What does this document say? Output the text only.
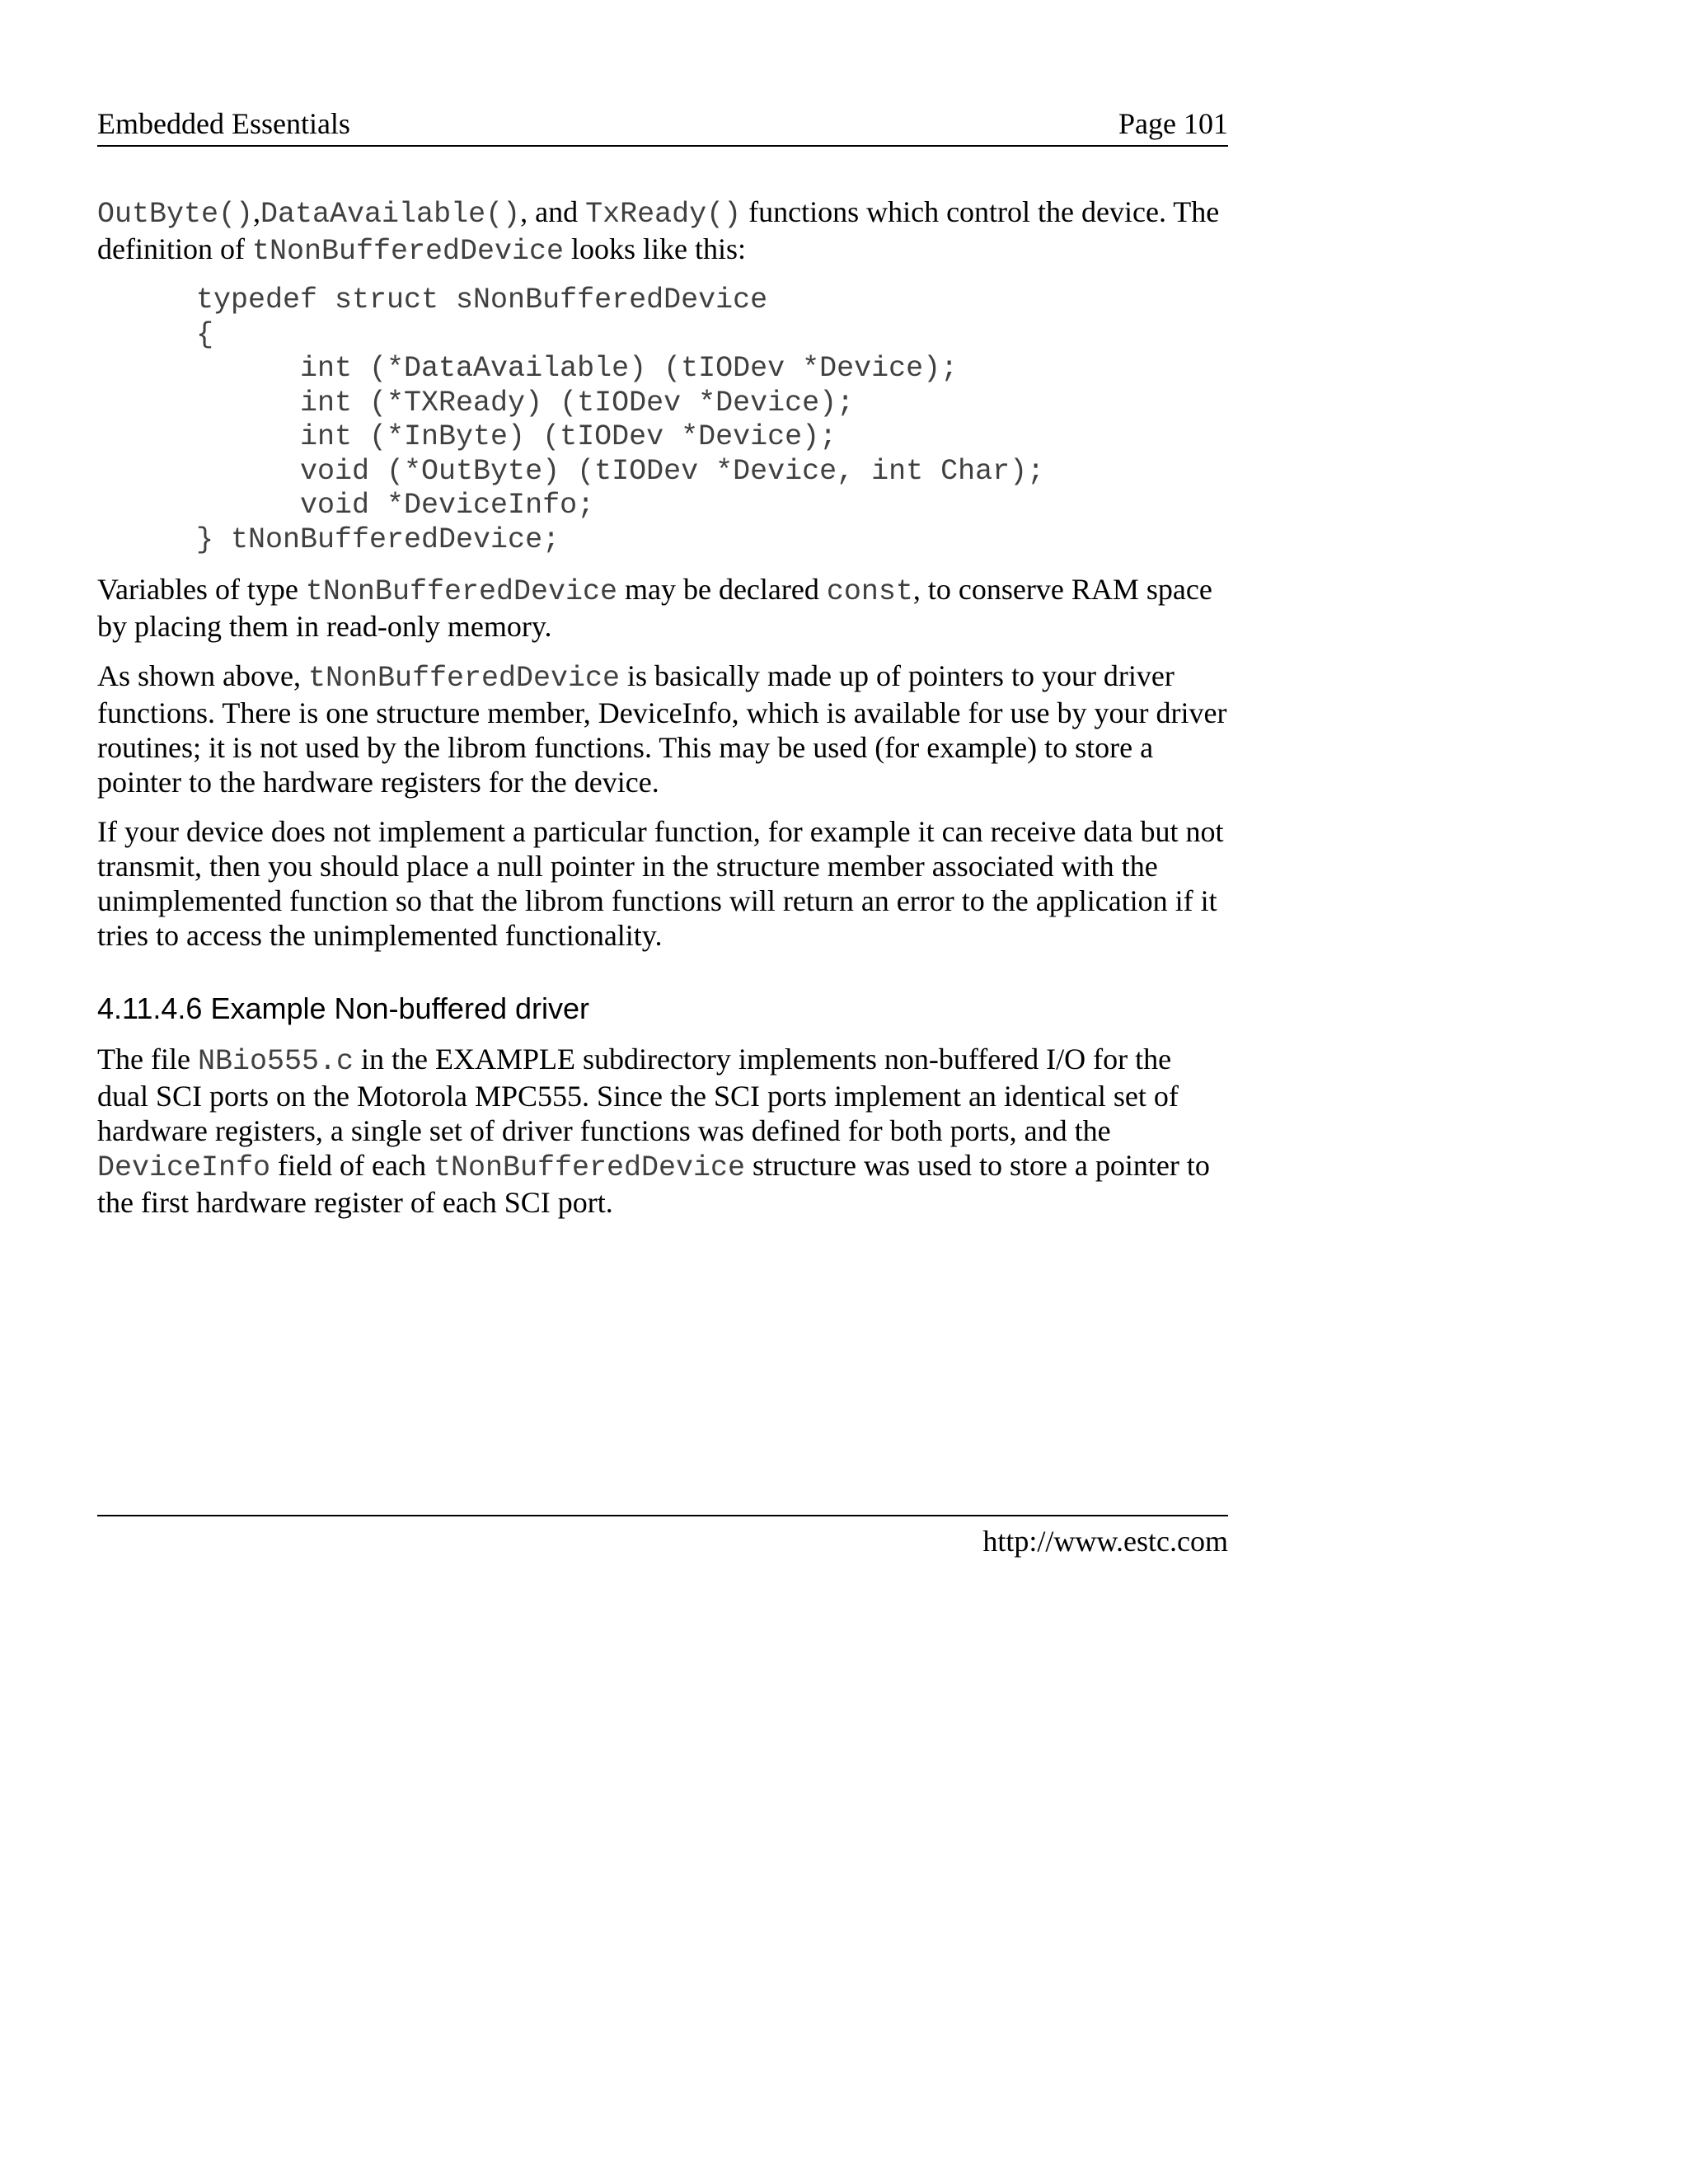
Embedded Essentials	Page 101

OutByte(),DataAvailable(), and TxReady() functions which control the device. The definition of tNonBufferedDevice looks like this:

typedef struct sNonBufferedDevice
{
int (*DataAvailable) (tIODev *Device);
int (*TXReady) (tIODev *Device);
int (*InByte) (tIODev *Device);
void (*OutByte) (tIODev *Device, int Char);
void *DeviceInfo;
} tNonBufferedDevice;

Variables of type tNonBufferedDevice may be declared const, to conserve RAM space by placing them in read-only memory.

As shown above, tNonBufferedDevice is basically made up of pointers to your driver functions. There is one structure member, DeviceInfo, which is available for use by your driver routines; it is not used by the librom functions. This may be used (for example) to store a pointer to the hardware registers for the device.

If your device does not implement a particular function, for example it can receive data but not transmit, then you should place a null pointer in the structure member associated with the unimplemented function so that the librom functions will return an error to the application if it tries to access the unimplemented functionality.

4.11.4.6 Example Non-buffered driver

The file NBio555.c in the EXAMPLE subdirectory implements non-buffered I/O for the dual SCI ports on the Motorola MPC555. Since the SCI ports implement an identical set of hardware registers, a single set of driver functions was defined for both ports, and the DeviceInfo field of each tNonBufferedDevice structure was used to store a pointer to the first hardware register of each SCI port.

http://www.estc.com
